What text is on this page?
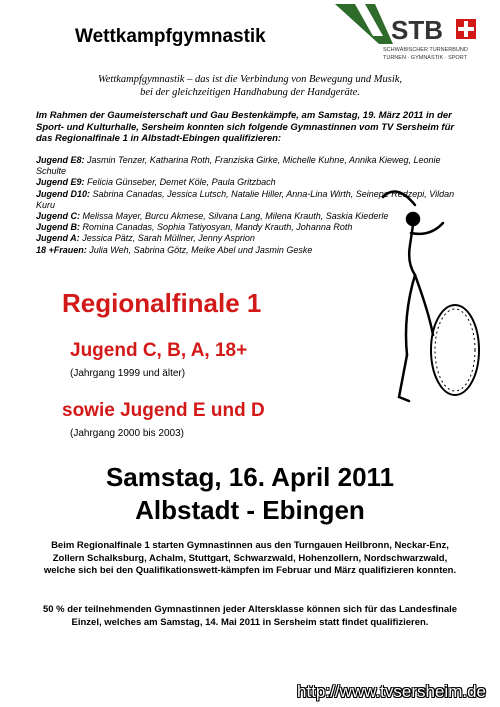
Wettkampfgymnastik	STB
SCHWÄBISCHER TURNERBUND
TURNEN · GYMNASTIK · SPORT
Wettkampfgymnastik – das ist die Verbindung von Bewegung und Musik,
bei der gleichzeitigen Handhabung der Handgeräte.
Im Rahmen der Gaumeisterschaft und Gau Bestenkämpfe, am Samstag, 19. März 2011 in der Sport- und Kulturhalle, Sersheim konnten sich folgende Gymnastinnen vom TV Sersheim für das Regionalfinale 1 in Albstadt-Ebingen qualifizieren:
Jugend E8: Jasmin Tenzer, Katharina Roth, Franziska Girke, Michelle Kuhne, Annika Kieweg, Leonie Schulte
Jugend E9: Felicia Günseber, Demet Köle, Paula Gritzbach
Jugend D10: Sabrina Canadas, Jessica Lutsch, Natalie Hiller, Anna-Lina Wirth, Seinepe Redzepi, Vildan Kuru
Jugend C: Melissa Mayer, Burcu Akmese, Silvana Lang, Milena Krauth, Saskia Kiederle
Jugend B: Romina Canadas, Sophia Tatiyosyan, Mandy Krauth, Johanna Roth
Jugend A: Jessica Pätz, Sarah Müllner, Jenny Asprion
18 +Frauen: Julia Weh, Sabrina Götz, Meike Abel und Jasmin Geske
Regionalfinale 1
Jugend C, B, A, 18+
(Jahrgang 1999 und älter)
sowie Jugend E und D
(Jahrgang 2000 bis 2003)
Samstag, 16. April 2011
Albstadt - Ebingen
Beim Regionalfinale 1 starten Gymnastinnen aus den Turngauen Heilbronn, Neckar-Enz, Zollern Schalksburg, Achalm, Stuttgart, Schwarzwald, Hohenzollern, Nordschwarzwald, welche sich bei den Qualifikationswett-kämpfen im Februar und März qualifizieren konnten.
50 % der teilnehmenden Gymnastinnen jeder Altersklasse können sich für das Landesfinale Einzel, welches am Samstag, 14. Mai 2011 in Sersheim statt findet qualifizieren.
http://www.tvsersheim.de
